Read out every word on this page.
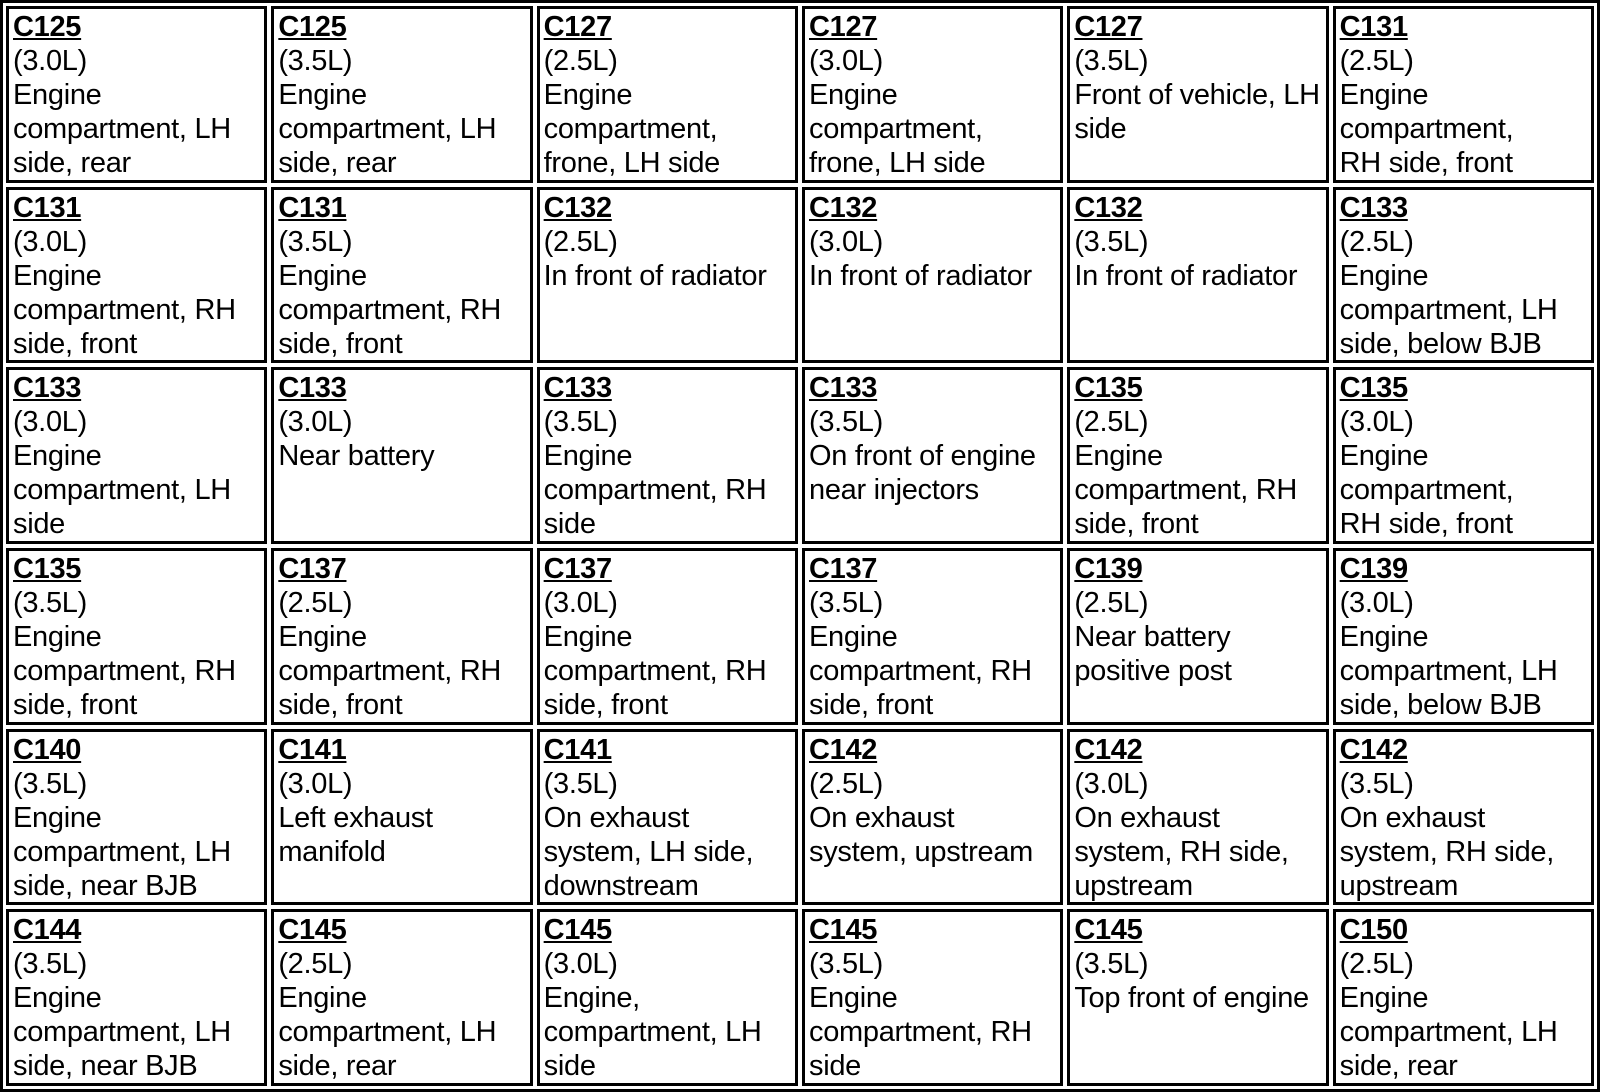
C125
(3.0L)
Engine
compartment, LH
side, rear
C125
(3.5L)
Engine
compartment, LH
side, rear
C127
(2.5L)
Engine
compartment,
frone, LH side
C127
(3.0L)
Engine
compartment,
frone, LH side
C127
(3.5L)
Front of vehicle, LH
side
C131
(2.5L)
Engine
compartment,
RH side, front
C131
(3.0L)
Engine
compartment, RH
side, front
C131
(3.5L)
Engine
compartment, RH
side, front
C132
(2.5L)
In front of radiator
C132
(3.0L)
In front of radiator
C132
(3.5L)
In front of radiator
C133
(2.5L)
Engine
compartment, LH
side, below BJB
C133
(3.0L)
Engine
compartment, LH
side
C133
(3.0L)
Near battery
C133
(3.5L)
Engine
compartment, RH
side
C133
(3.5L)
On front of engine
near injectors
C135
(2.5L)
Engine
compartment, RH
side, front
C135
(3.0L)
Engine
compartment,
RH side, front
C135
(3.5L)
Engine
compartment, RH
side, front
C137
(2.5L)
Engine
compartment, RH
side, front
C137
(3.0L)
Engine
compartment, RH
side, front
C137
(3.5L)
Engine
compartment, RH
side, front
C139
(2.5L)
Near battery
positive post
C139
(3.0L)
Engine
compartment, LH
side, below BJB
C140
(3.5L)
Engine
compartment, LH
side, near BJB
C141
(3.0L)
Left exhaust
manifold
C141
(3.5L)
On exhaust
system, LH side,
downstream
C142
(2.5L)
On exhaust
system, upstream
C142
(3.0L)
On exhaust
system, RH side,
upstream
C142
(3.5L)
On exhaust
system, RH side,
upstream
C144
(3.5L)
Engine
compartment, LH
side, near BJB
C145
(2.5L)
Engine
compartment, LH
side, rear
C145
(3.0L)
Engine,
compartment, LH
side
C145
(3.5L)
Engine
compartment, RH
side
C145
(3.5L)
Top front of engine
C150
(2.5L)
Engine
compartment, LH
side, rear
